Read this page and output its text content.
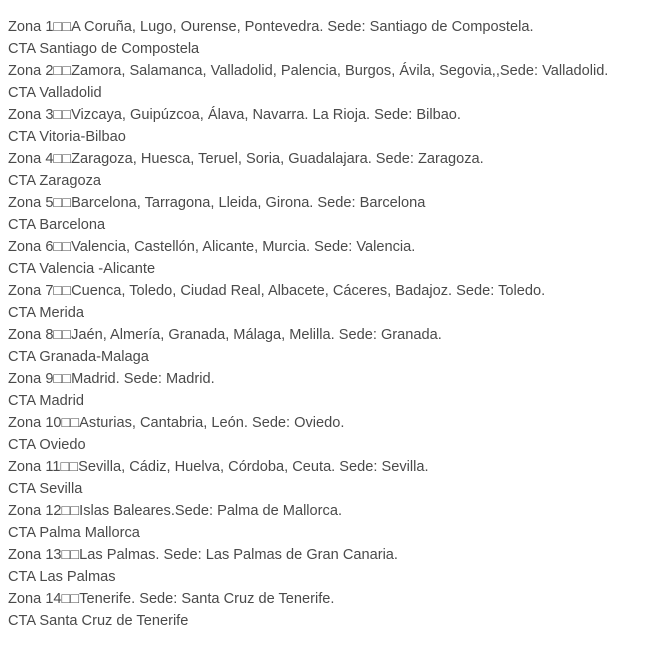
Zona 1□□A Coruña, Lugo, Ourense, Pontevedra. Sede: Santiago de Compostela.

CTA Santiago de Compostela

Zona 2□□Zamora, Salamanca, Valladolid, Palencia, Burgos, Ávila, Segovia,,Sede: Valladolid.

CTA Valladolid

Zona 3□□Vizcaya, Guipúzcoa, Álava, Navarra. La Rioja. Sede: Bilbao.

CTA Vitoria-Bilbao

Zona 4□□Zaragoza, Huesca, Teruel, Soria, Guadalajara. Sede: Zaragoza.

CTA Zaragoza

Zona 5□□Barcelona, Tarragona, Lleida, Girona. Sede: Barcelona

CTA Barcelona

Zona 6□□Valencia, Castellón, Alicante, Murcia. Sede: Valencia.

CTA Valencia -Alicante

Zona 7□□Cuenca, Toledo, Ciudad Real, Albacete, Cáceres, Badajoz. Sede: Toledo.

CTA Merida

Zona 8□□Jaén, Almería, Granada, Málaga, Melilla. Sede: Granada.

CTA Granada-Malaga

Zona 9□□Madrid. Sede: Madrid.

CTA Madrid

Zona 10□□Asturias, Cantabria, León. Sede: Oviedo.

CTA Oviedo

Zona 11□□Sevilla, Cádiz, Huelva, Córdoba, Ceuta. Sede: Sevilla.

CTA Sevilla

Zona 12□□Islas Baleares.Sede: Palma de Mallorca.

CTA Palma Mallorca

Zona 13□□Las Palmas. Sede: Las Palmas de Gran Canaria.

CTA Las Palmas

Zona 14□□Tenerife. Sede: Santa Cruz de Tenerife.

CTA Santa Cruz de Tenerife
